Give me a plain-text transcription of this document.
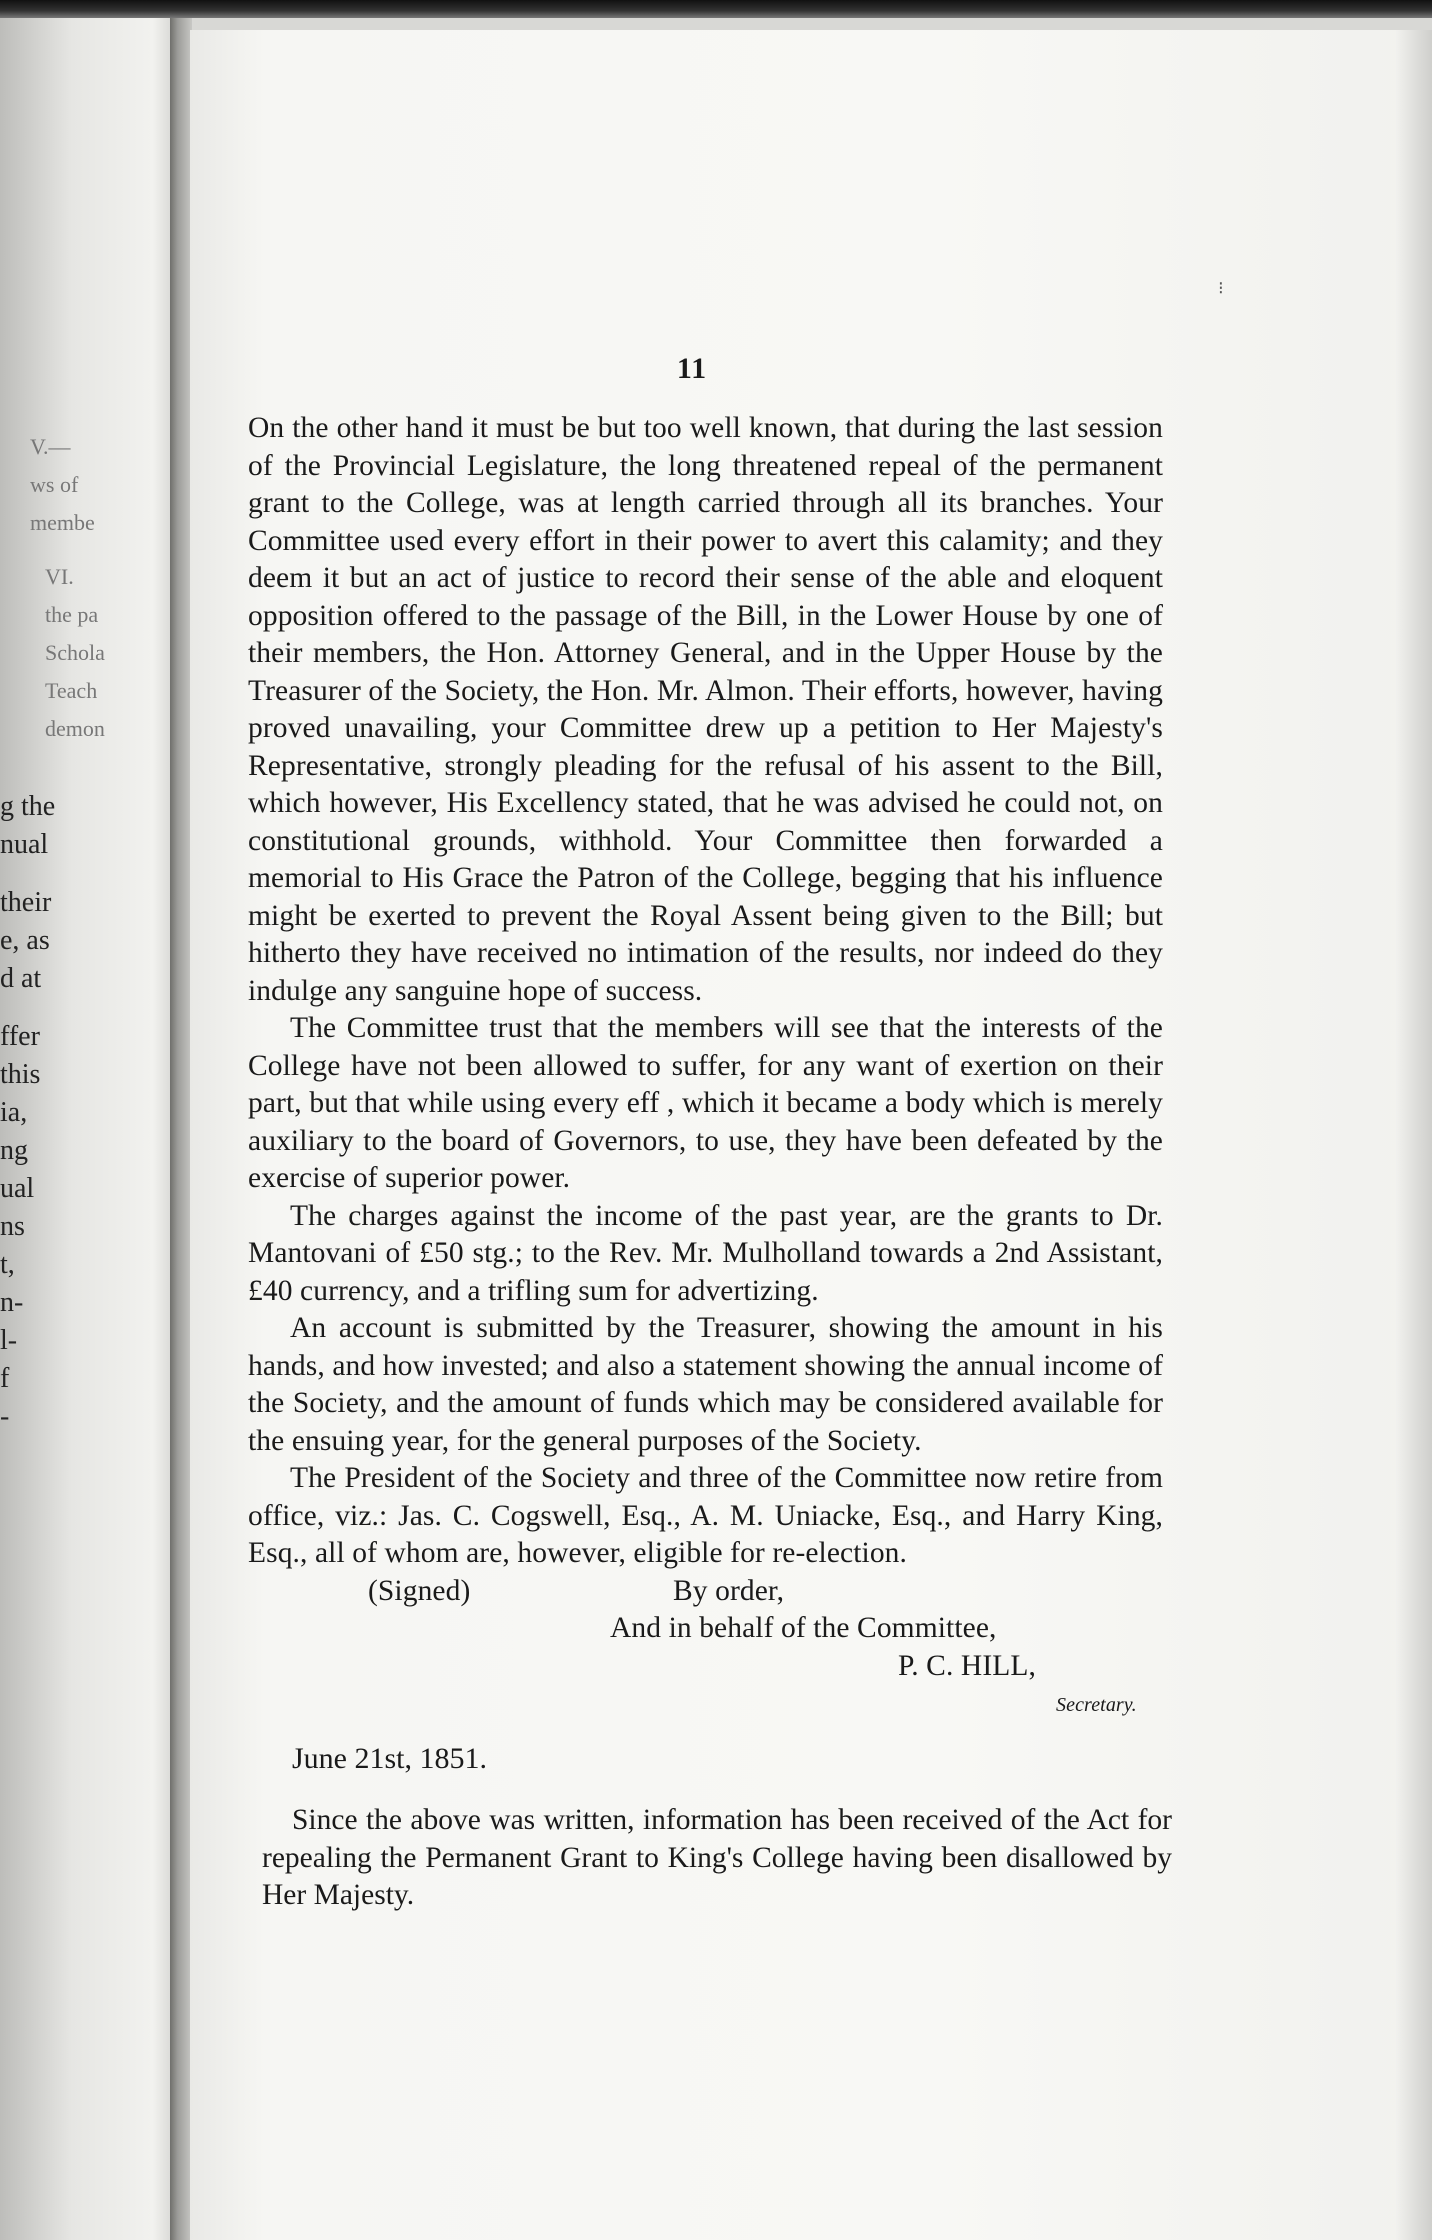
V.—
ws of
membe
VI.
the pa
Schola
Teach
demon
g the
nual
their
e, as
d at
ffer
this
ia,
ng
ual
ns
t,
n-
l-
f
-
11

On the other hand it must be but too well known, that during the last session of the Provincial Legislature, the long threatened repeal of the permanent grant to the College, was at length carried through all its branches. Your Committee used every effort in their power to avert this calamity; and they deem it but an act of justice to record their sense of the able and eloquent opposition offered to the passage of the Bill, in the Lower House by one of their members, the Hon. Attorney General, and in the Upper House by the Treasurer of the Society, the Hon. Mr. Almon. Their efforts, however, having proved unavailing, your Committee drew up a petition to Her Majesty's Representative, strongly pleading for the refusal of his assent to the Bill, which however, His Excellency stated, that he was advised he could not, on constitutional grounds, withhold. Your Committee then forwarded a memorial to His Grace the Patron of the College, begging that his influence might be exerted to prevent the Royal Assent being given to the Bill; but hitherto they have received no intimation of the results, nor indeed do they indulge any sanguine hope of success.

The Committee trust that the members will see that the interests of the College have not been allowed to suffer, for any want of exertion on their part, but that while using every eff , which it became a body which is merely auxiliary to the board of Governors, to use, they have been defeated by the exercise of superior power.

The charges against the income of the past year, are the grants to Dr. Mantovani of £50 stg.; to the Rev. Mr. Mulholland towards a 2nd Assistant, £40 currency, and a trifling sum for advertizing.

An account is submitted by the Treasurer, showing the amount in his hands, and how invested; and also a statement showing the annual income of the Society, and the amount of funds which may be considered available for the ensuing year, for the general purposes of the Society.

The President of the Society and three of the Committee now retire from office, viz.: Jas. C. Cogswell, Esq., A. M. Uniacke, Esq., and Harry King, Esq., all of whom are, however, eligible for re-election.

(Signed)	By order,
And in behalf of the Committee,
P. C. HILL,
Secretary.
June 21st, 1851.
Since the above was written, information has been received of the Act for repealing the Permanent Grant to King's College having been disallowed by Her Majesty.
⁝
